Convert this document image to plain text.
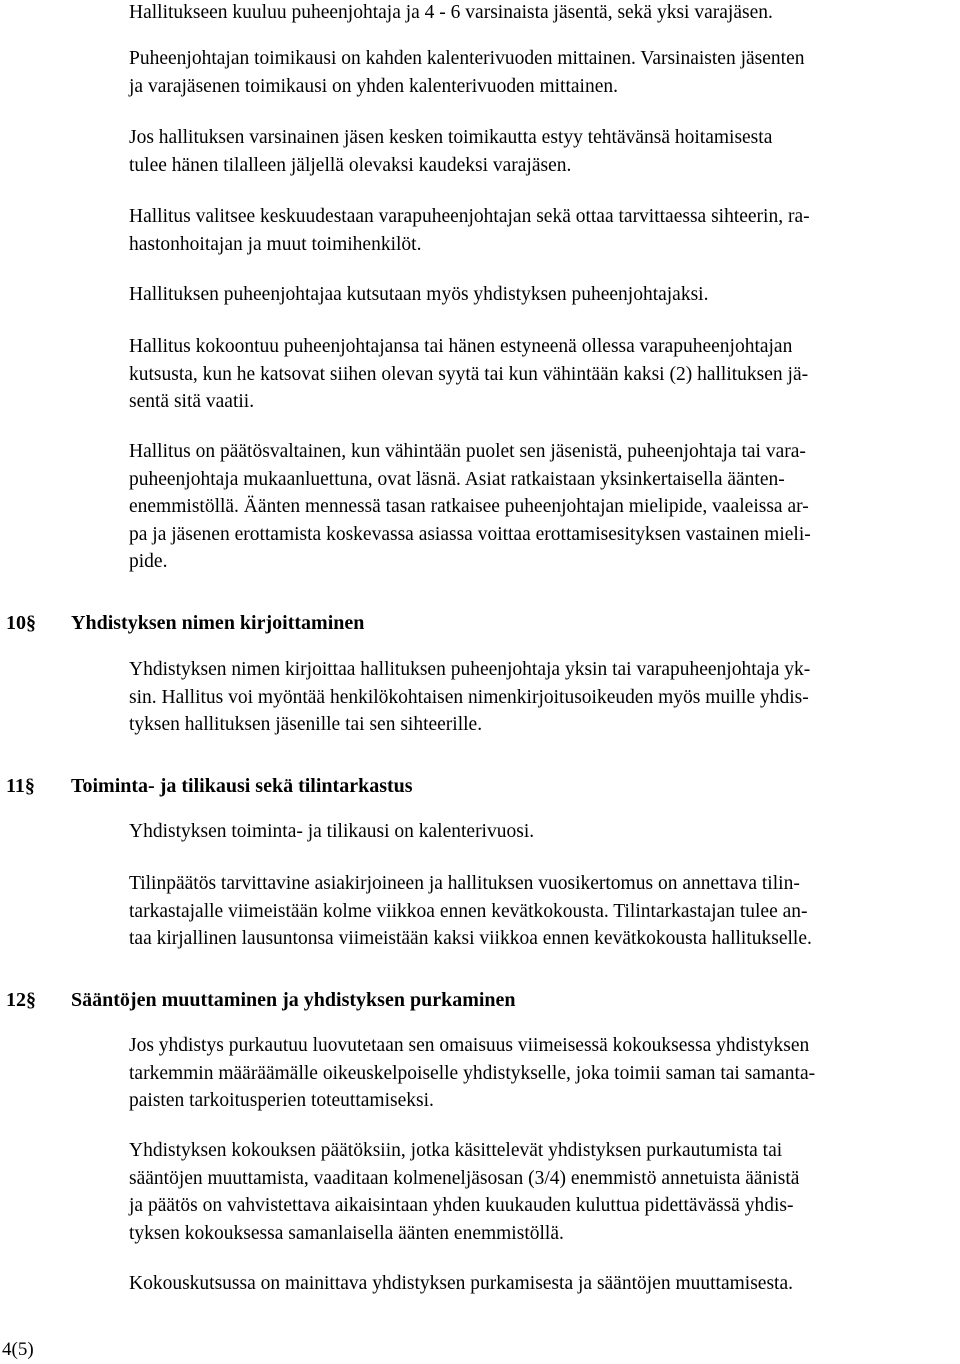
Hallitukseen kuuluu puheenjohtaja ja 4 - 6 varsinaista jäsentä, sekä yksi varajäsen.
Puheenjohtajan toimikausi on kahden kalenterivuoden mittainen. Varsinaisten jäsenten
ja varajäsenen toimikausi on yhden kalenterivuoden mittainen.
Jos hallituksen varsinainen jäsen kesken toimikautta estyy tehtävänsä hoitamisesta
tulee hänen tilalleen jäljellä olevaksi kaudeksi varajäsen.
Hallitus valitsee keskuudestaan varapuheenjohtajan sekä ottaa tarvittaessa sihteerin, ra-
hastonhoitajan ja muut toimihenkilöt.
Hallituksen puheenjohtajaa kutsutaan myös yhdistyksen puheenjohtajaksi.
Hallitus kokoontuu puheenjohtajansa tai hänen estyneenä ollessa varapuheenjohtajan
kutsusta, kun he katsovat siihen olevan syytä tai kun vähintään kaksi (2) hallituksen jä-
sentä sitä vaatii.
Hallitus on päätösvaltainen, kun vähintään puolet sen jäsenistä, puheenjohtaja tai vara-
puheenjohtaja mukaanluettuna, ovat läsnä. Asiat ratkaistaan yksinkertaisella äänten-
enemmistöllä. Äänten mennessä tasan ratkaisee puheenjohtajan mielipide, vaaleissa ar-
pa ja jäsenen erottamista koskevassa asiassa voittaa erottamisesityksen vastainen mieli-
pide.
10§ Yhdistyksen nimen kirjoittaminen
Yhdistyksen nimen kirjoittaa hallituksen puheenjohtaja yksin tai varapuheenjohtaja yk-
sin. Hallitus voi myöntää henkilökohtaisen nimenkirjoitusoikeuden myös muille yhdis-
tyksen hallituksen jäsenille tai sen sihteerille.
11§ Toiminta- ja tilikausi sekä tilintarkastus
Yhdistyksen toiminta- ja tilikausi on kalenterivuosi.
Tilinpäätös tarvittavine asiakirjoineen ja hallituksen vuosikertomus on annettava tilin-
tarkastajalle viimeistään kolme viikkoa ennen kevätkokousta. Tilintarkastajan tulee an-
taa kirjallinen lausuntonsa viimeistään kaksi viikkoa ennen kevätkokousta hallitukselle.
12§ Sääntöjen muuttaminen ja yhdistyksen purkaminen
Jos yhdistys purkautuu luovutetaan sen omaisuus viimeisessä kokouksessa yhdistyksen
tarkemmin määräämälle oikeuskelpoiselle yhdistykselle, joka toimii saman tai samanta-
paisten tarkoitusperien toteuttamiseksi.
Yhdistyksen kokouksen päätöksiin, jotka käsittelevät yhdistyksen purkautumista tai
sääntöjen muuttamista, vaaditaan kolmeneljäsosan (3/4) enemmistö annetuista äänistä
ja päätös on vahvistettava aikaisintaan yhden kuukauden kuluttua pidettävässä yhdis-
tyksen kokouksessa samanlaisella äänten enemmistöllä.
Kokouskutsussa on mainittava yhdistyksen purkamisesta ja sääntöjen muuttamisesta.
4(5)
